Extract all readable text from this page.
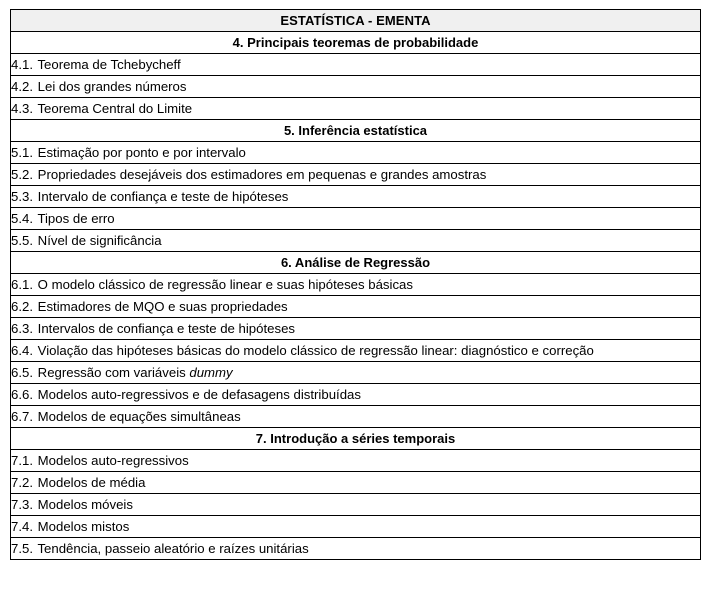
ESTATÍSTICA - EMENTA
4. Principais teoremas de probabilidade
4.1. Teorema de Tchebycheff
4.2. Lei dos grandes números
4.3. Teorema Central do Limite
5. Inferência estatística
5.1. Estimação por ponto e por intervalo
5.2. Propriedades desejáveis dos estimadores em pequenas e grandes amostras
5.3. Intervalo de confiança e teste de hipóteses
5.4. Tipos de erro
5.5. Nível de significância
6. Análise de Regressão
6.1. O modelo clássico de regressão linear e suas hipóteses básicas
6.2. Estimadores de MQO e suas propriedades
6.3. Intervalos de confiança e teste de hipóteses
6.4. Violação das hipóteses básicas do modelo clássico de regressão linear: diagnóstico e correção
6.5. Regressão com variáveis dummy
6.6. Modelos auto-regressivos e de defasagens distribuídas
6.7. Modelos de equações simultâneas
7. Introdução a séries temporais
7.1. Modelos auto-regressivos
7.2. Modelos de média
7.3. Modelos móveis
7.4. Modelos mistos
7.5. Tendência, passeio aleatório e raízes unitárias
